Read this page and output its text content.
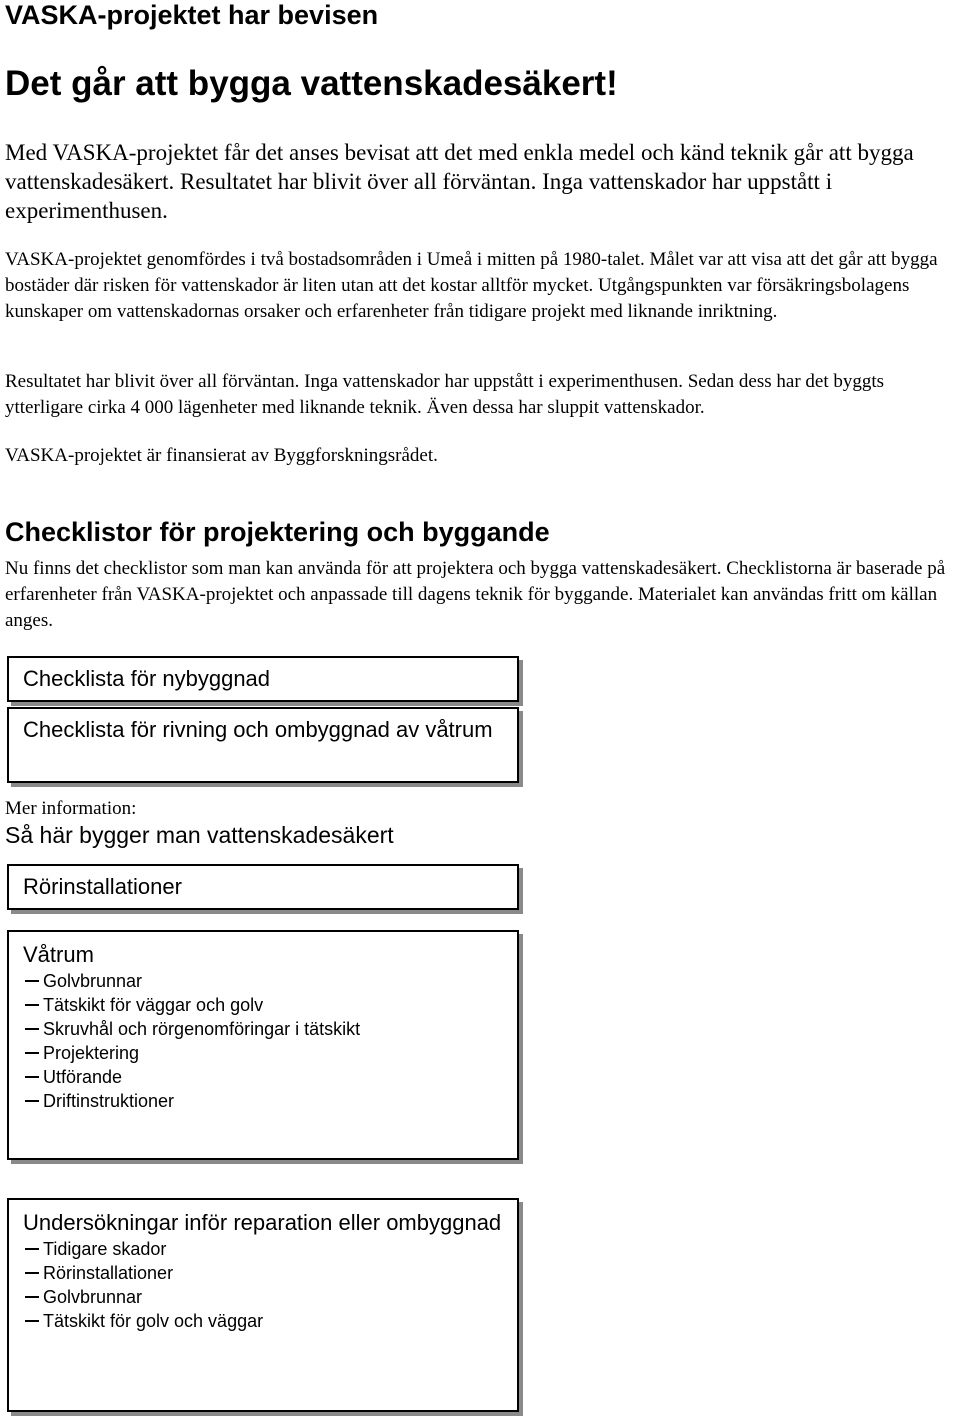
VASKA-projektet har bevisen
Det går att bygga vattenskadesäkert!
Med VASKA-projektet får det anses bevisat att det med enkla medel och känd teknik går att bygga vattenskadesäkert. Resultatet har blivit över all förväntan. Inga vattenskador har uppstått i experimenthusen.
VASKA-projektet genomfördes i två bostadsområden i Umeå i mitten på 1980-talet. Målet var att visa att det går att bygga bostäder där risken för vattenskador är liten utan att det kostar alltför mycket. Utgångspunkten var försäkringsbolagens kunskaper om vattenskadornas orsaker och erfarenheter från tidigare projekt med liknande inriktning.
Resultatet har blivit över all förväntan. Inga vattenskador har uppstått i experimenthusen. Sedan dess har det byggts ytterligare cirka 4 000 lägenheter med liknande teknik. Även dessa har sluppit vattenskador.
VASKA-projektet är finansierat av Byggforskningsrådet.
Checklistor för projektering och byggande
Nu finns det checklistor som man kan använda för att projektera och bygga vattenskadesäkert. Checklistorna är baserade på erfarenheter från VASKA-projektet och anpassade till dagens teknik för byggande. Materialet kan användas fritt om källan anges.
Checklista för nybyggnad
Checklista för rivning och ombyggnad av våtrum
Mer information:
Så här bygger man vattenskadesäkert
Rörinstallationer
Våtrum
Golvbrunnar
Tätskikt för väggar och golv
Skruvhål och rörgenomföringar i tätskikt
Projektering
Utförande
Driftinstruktioner
Undersökningar inför reparation eller ombyggnad
Tidigare skador
Rörinstallationer
Golvbrunnar
Tätskikt för golv och väggar
